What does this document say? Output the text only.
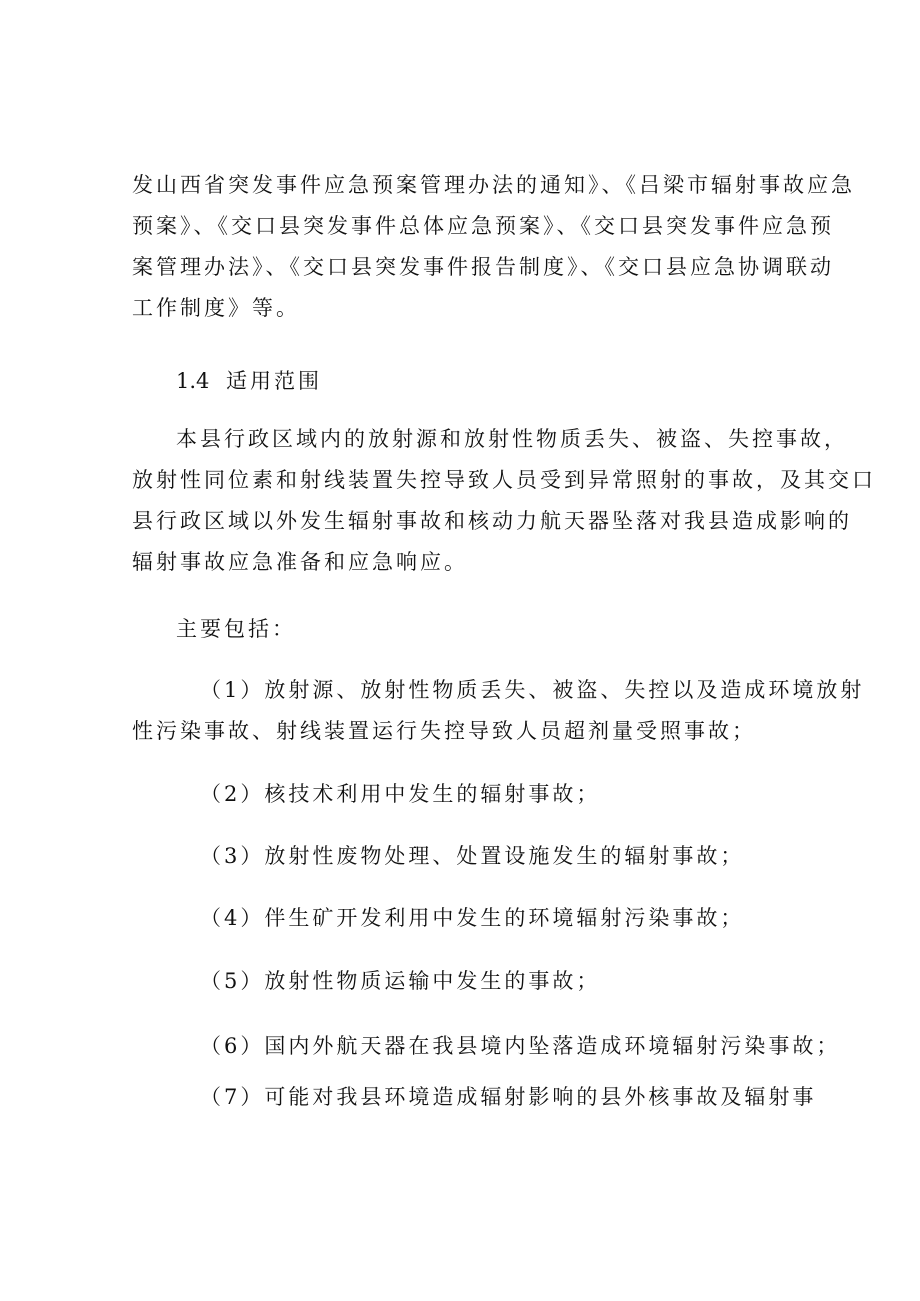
发山西省突发事件应急预案管理办法的通知》、《吕梁市辐射事故应急
预案》、《交口县突发事件总体应急预案》、《交口县突发事件应急预
案管理办法》、《交口县突发事件报告制度》、《交口县应急协调联动
工作制度》等。
1.4 适用范围
本县行政区域内的放射源和放射性物质丢失、被盗、失控事故，
放射性同位素和射线装置失控导致人员受到异常照射的事故，及其交口
县行政区域以外发生辐射事故和核动力航天器坠落对我县造成影响的
辐射事故应急准备和应急响应。
主要包括：
（1）放射源、放射性物质丢失、被盗、失控以及造成环境放射
性污染事故、射线装置运行失控导致人员超剂量受照事故；
（2）核技术利用中发生的辐射事故；
（3）放射性废物处理、处置设施发生的辐射事故；
（4）伴生矿开发利用中发生的环境辐射污染事故；
（5）放射性物质运输中发生的事故；
（6）国内外航天器在我县境内坠落造成环境辐射污染事故；
（7）可能对我县环境造成辐射影响的县外核事故及辐射事
